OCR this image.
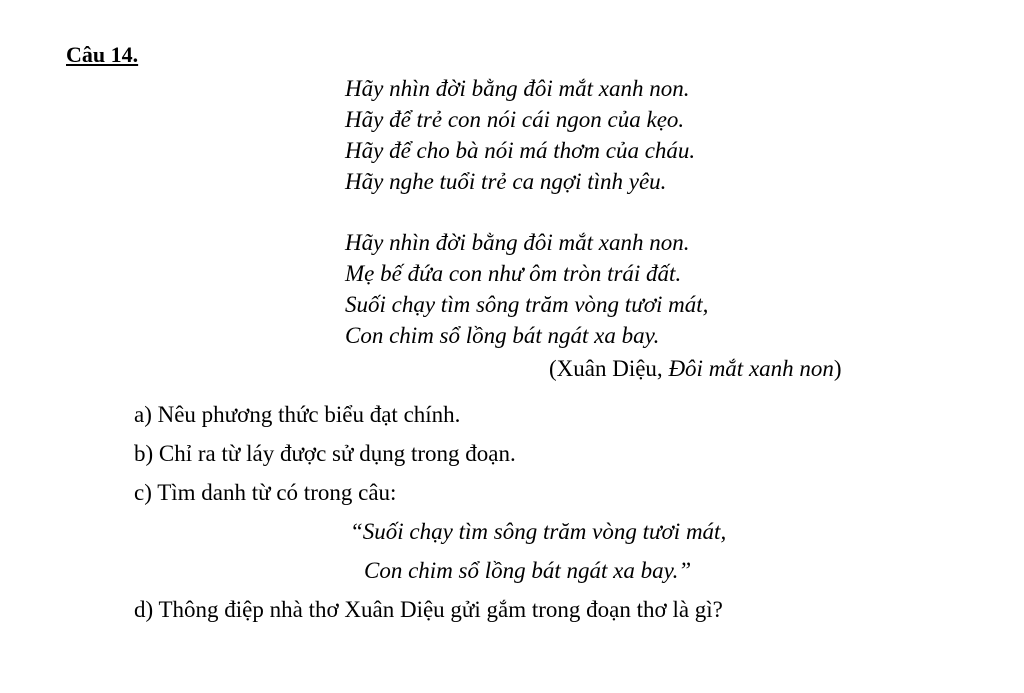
Câu 14.
Hãy nhìn đời bằng đôi mắt xanh non.
Hãy để trẻ con nói cái ngon của kẹo.
Hãy để cho bà nói má thơm của cháu.
Hãy nghe tuổi trẻ ca ngợi tình yêu.
Hãy nhìn đời bằng đôi mắt xanh non.
Mẹ bế đứa con như ôm tròn trái đất.
Suối chạy tìm sông trăm vòng tươi mát,
Con chim sổ lồng bát ngát xa bay.
(Xuân Diệu, Đôi mắt xanh non)
a) Nêu phương thức biểu đạt chính.
b) Chỉ ra từ láy được sử dụng trong đoạn.
c) Tìm danh từ có trong câu:
“Suối chạy tìm sông trăm vòng tươi mát,
Con chim sổ lồng bát ngát xa bay.”
d) Thông điệp nhà thơ Xuân Diệu gửi gắm trong đoạn thơ là gì?
